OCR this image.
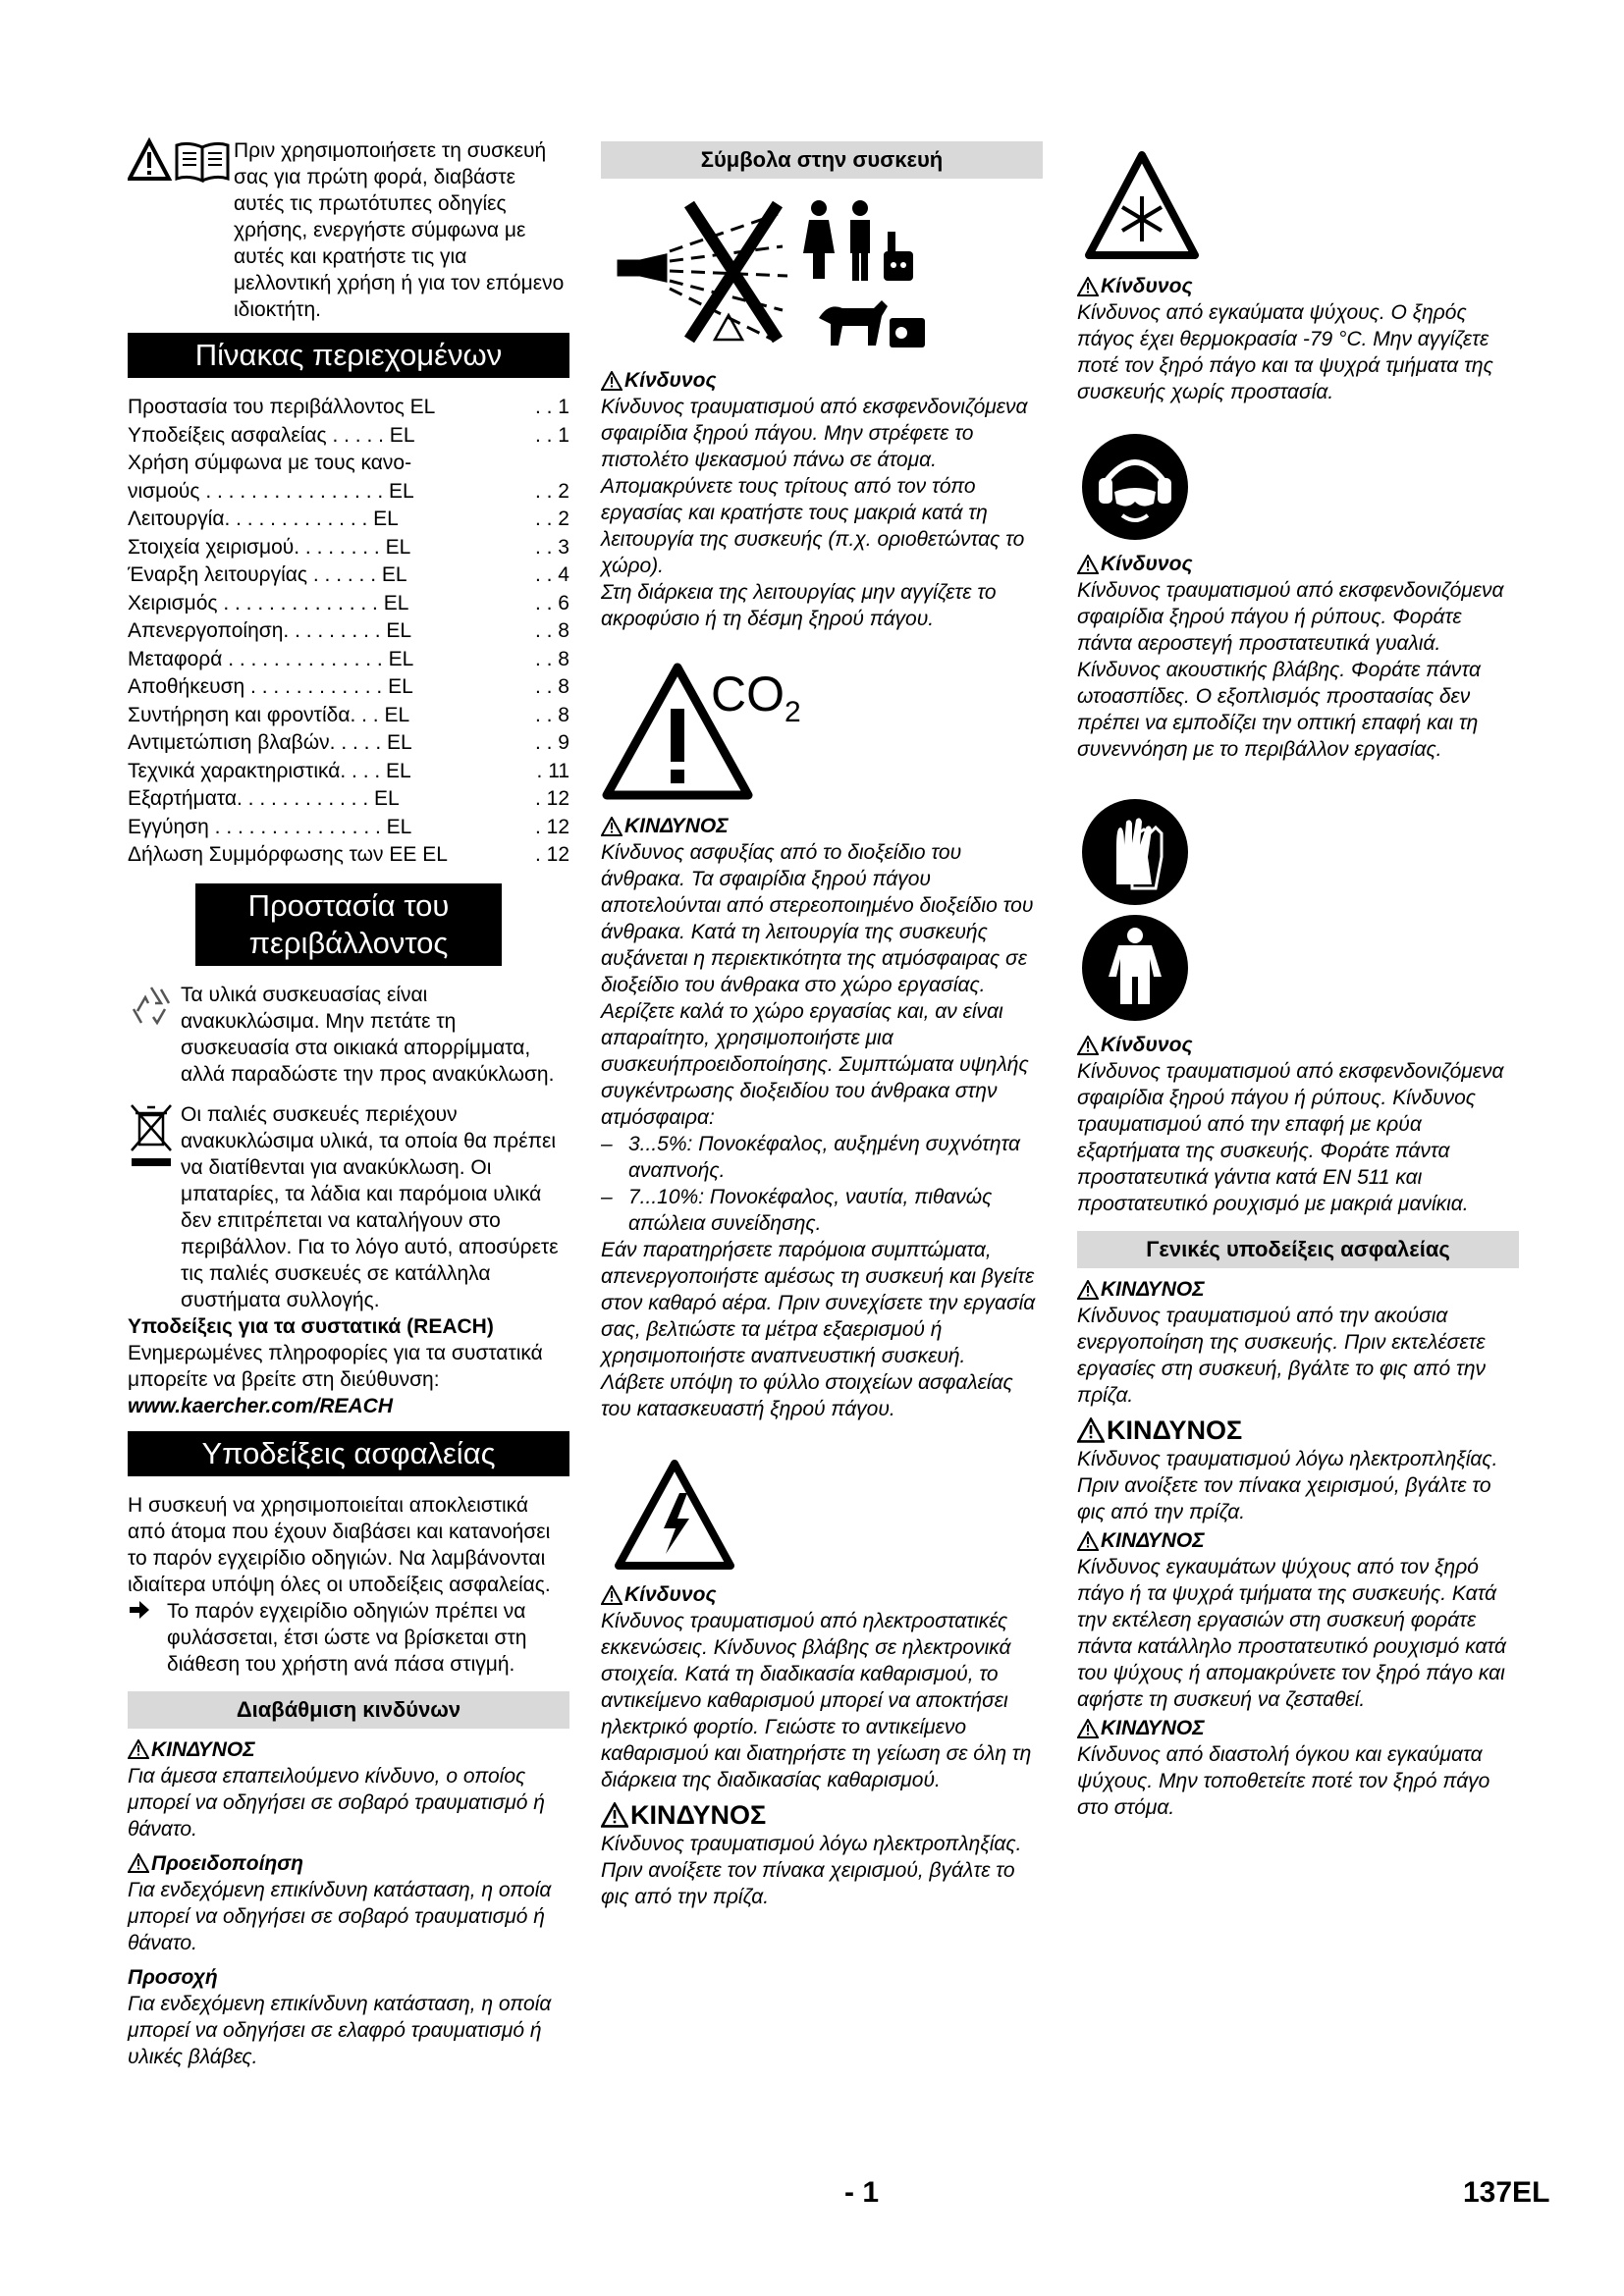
Πριν χρησιμοποιήσετε τη συσκευή σας για πρώτη φορά, διαβάστε αυτές τις πρωτότυπες οδηγίες χρήσης, ενεργήστε σύμφωνα με αυτές και κρατήστε τις για μελλοντική χρήση ή για τον επόμενο ιδιοκτήτη.

Πίνακας περιεχομένων
Προστασία του περιβάλλοντος EL	. . 1
Υποδείξεις ασφαλείας . . . . . EL	. . 1
Χρήση σύμφωνα με τους κανο-
νισμούς . . . . . . . . . . . . . . . . EL	. . 2
Λειτουργία. . . . . . . . . . . . . EL	. . 2
Στοιχεία χειρισμού. . . . . . . . EL	. . 3
Έναρξη λειτουργίας . . . . . . EL	. . 4
Χειρισμός . . . . . . . . . . . . . . EL	. . 6
Απενεργοποίηση. . . . . . . . . EL	. . 8
Μεταφορά . . . . . . . . . . . . . . EL	. . 8
Αποθήκευση . . . . . . . . . . . . EL	. . 8
Συντήρηση και φροντίδα. . . EL	. . 8
Αντιμετώπιση βλαβών. . . . . EL	. . 9
Τεχνικά χαρακτηριστικά. . . . EL	. 11
Εξαρτήματα. . . . . . . . . . . . EL	. 12
Εγγύηση . . . . . . . . . . . . . . . EL	. 12
Δήλωση Συμμόρφωσης των ΕΕ EL	. 12
Προστασία του περιβάλλοντος

Τα υλικά συσκευασίας είναι ανακυκλώσιμα. Μην πετάτε τη συσκευασία στα οικιακά απορρίμματα, αλλά παραδώστε την προς ανακύκλωση.

Οι παλιές συσκευές περιέχουν ανακυκλώσιμα υλικά, τα οποία θα πρέπει να διατίθενται για ανακύκλωση. Οι μπαταρίες, τα λάδια και παρόμοια υλικά δεν επιτρέπεται να καταλήγουν στο περιβάλλον. Για το λόγο αυτό, αποσύρετε τις παλιές συσκευές σε κατάλληλα συστήματα συλλογής.

Υποδείξεις για τα συστατικά (REACH)

Ενημερωμένες πληροφορίες για τα συστατικά μπορείτε να βρείτε στη διεύθυνση:

www.kaercher.com/REACH

Υποδείξεις ασφαλείας

Η συσκευή να χρησιμοποιείται αποκλειστικά από άτομα που έχουν διαβάσει και κατανοήσει το παρόν εγχειρίδιο οδηγιών. Να λαμβάνονται ιδιαίτερα υπόψη όλες οι υποδείξεις ασφαλείας.

Το παρόν εγχειρίδιο οδηγιών πρέπει να φυλάσσεται, έτσι ώστε να βρίσκεται στη διάθεση του χρήστη ανά πάσα στιγμή.

Διαβάθμιση κινδύνων
ΚΙΝΔΥΝΟΣ

Για άμεσα επαπειλούμενο κίνδυνο, ο οποίος μπορεί να οδηγήσει σε σοβαρό τραυματισμό ή θάνατο.

Προειδοποίηση

Για ενδεχόμενη επικίνδυνη κατάσταση, η οποία μπορεί να οδηγήσει σε σοβαρό τραυματισμό ή θάνατο.

Προσοχή

Για ενδεχόμενη επικίνδυνη κατάσταση, η οποία μπορεί να οδηγήσει σε ελαφρό τραυματισμό ή υλικές βλάβες.

Σύμβολα στην συσκευή
Κίνδυνος

Κίνδυνος τραυματισμού από εκσφενδονιζόμενα σφαιρίδια ξηρού πάγου. Μην στρέφετε το πιστολέτο ψεκασμού πάνω σε άτομα. Απομακρύνετε τους τρίτους από τον τόπο εργασίας και κρατήστε τους μακριά κατά τη λειτουργία της συσκευής (π.χ. οριοθετώντας το χώρο).

Στη διάρκεια της λειτουργίας μην αγγίζετε το ακροφύσιο ή τη δέσμη ξηρού πάγου.

$CO_2$
ΚΙΝΔΥΝΟΣ

Κίνδυνος ασφυξίας από το διοξείδιο του άνθρακα. Τα σφαιρίδια ξηρού πάγου αποτελούνται από στερεοποιημένο διοξείδιο του άνθρακα. Κατά τη λειτουργία της συσκευής αυξάνεται η περιεκτικότητα της ατμόσφαιρας σε διοξείδιο του άνθρακα στο χώρο εργασίας. Αερίζετε καλά το χώρο εργασίας και, αν είναι απαραίτητο, χρησιμοποιήστε μια συσκευήπροειδοποίησης. Συμπτώματα υψηλής συγκέντρωσης διοξειδίου του άνθρακα στην ατμόσφαιρα:

– 3...5%: Πονοκέφαλος, αυξημένη συχνότητα αναπνοής.
– 7...10%: Πονοκέφαλος, ναυτία, πιθανώς απώλεια συνείδησης.

Εάν παρατηρήσετε παρόμοια συμπτώματα, απενεργοποιήστε αμέσως τη συσκευή και βγείτε στον καθαρό αέρα. Πριν συνεχίσετε την εργασία σας, βελτιώστε τα μέτρα εξαερισμού ή χρησιμοποιήστε αναπνευστική συσκευή.

Λάβετε υπόψη το φύλλο στοιχείων ασφαλείας του κατασκευαστή ξηρού πάγου.

Κίνδυνος

Κίνδυνος τραυματισμού από ηλεκτροστατικές εκκενώσεις. Κίνδυνος βλάβης σε ηλεκτρονικά στοιχεία. Κατά τη διαδικασία καθαρισμού, το αντικείμενο καθαρισμού μπορεί να αποκτήσει ηλεκτρικό φορτίο. Γειώστε το αντικείμενο καθαρισμού και διατηρήστε τη γείωση σε όλη τη διάρκεια της διαδικασίας καθαρισμού.

ΚΙΝΔΥΝΟΣ

Κίνδυνος τραυματισμού λόγω ηλεκτροπληξίας. Πριν ανοίξετε τον πίνακα χειρισμού, βγάλτε το φις από την πρίζα.

Κίνδυνος

Κίνδυνος από εγκαύματα ψύχους. Ο ξηρός πάγος έχει θερμοκρασία -79 °C. Μην αγγίζετε ποτέ τον ξηρό πάγο και τα ψυχρά τμήματα της συσκευής χωρίς προστασία.

Κίνδυνος

Κίνδυνος τραυματισμού από εκσφενδονιζόμενα σφαιρίδια ξηρού πάγου ή ρύπους. Φοράτε πάντα αεροστεγή προστατευτικά γυαλιά. Κίνδυνος ακουστικής βλάβης. Φοράτε πάντα ωτοασπίδες. Ο εξοπλισμός προστασίας δεν πρέπει να εμποδίζει την οπτική επαφή και τη συνεννόηση με το περιβάλλον εργασίας.

Κίνδυνος

Κίνδυνος τραυματισμού από εκσφενδονιζόμενα σφαιρίδια ξηρού πάγου ή ρύπους. Κίνδυνος τραυματισμού από την επαφή με κρύα εξαρτήματα της συσκευής. Φοράτε πάντα προστατευτικά γάντια κατά EN 511 και προστατευτικό ρουχισμό με μακριά μανίκια.

Γενικές υποδείξεις ασφαλείας
ΚΙΝΔΥΝΟΣ

Κίνδυνος τραυματισμού από την ακούσια ενεργοποίηση της συσκευής. Πριν εκτελέσετε εργασίες στη συσκευή, βγάλτε το φις από την πρίζα.

ΚΙΝΔΥΝΟΣ

Κίνδυνος τραυματισμού λόγω ηλεκτροπληξίας. Πριν ανοίξετε τον πίνακα χειρισμού, βγάλτε το φις από την πρίζα.

ΚΙΝΔΥΝΟΣ

Κίνδυνος εγκαυμάτων ψύχους από τον ξηρό πάγο ή τα ψυχρά τμήματα της συσκευής. Κατά την εκτέλεση εργασιών στη συσκευή φοράτε πάντα κατάλληλο προστατευτικό ρουχισμό κατά του ψύχους ή απομακρύνετε τον ξηρό πάγο και αφήστε τη συσκευή να ζεσταθεί.

ΚΙΝΔΥΝΟΣ

Κίνδυνος από διαστολή όγκου και εγκαύματα ψύχους. Μην τοποθετείτε ποτέ τον ξηρό πάγο στο στόμα.

- 1	137EL
